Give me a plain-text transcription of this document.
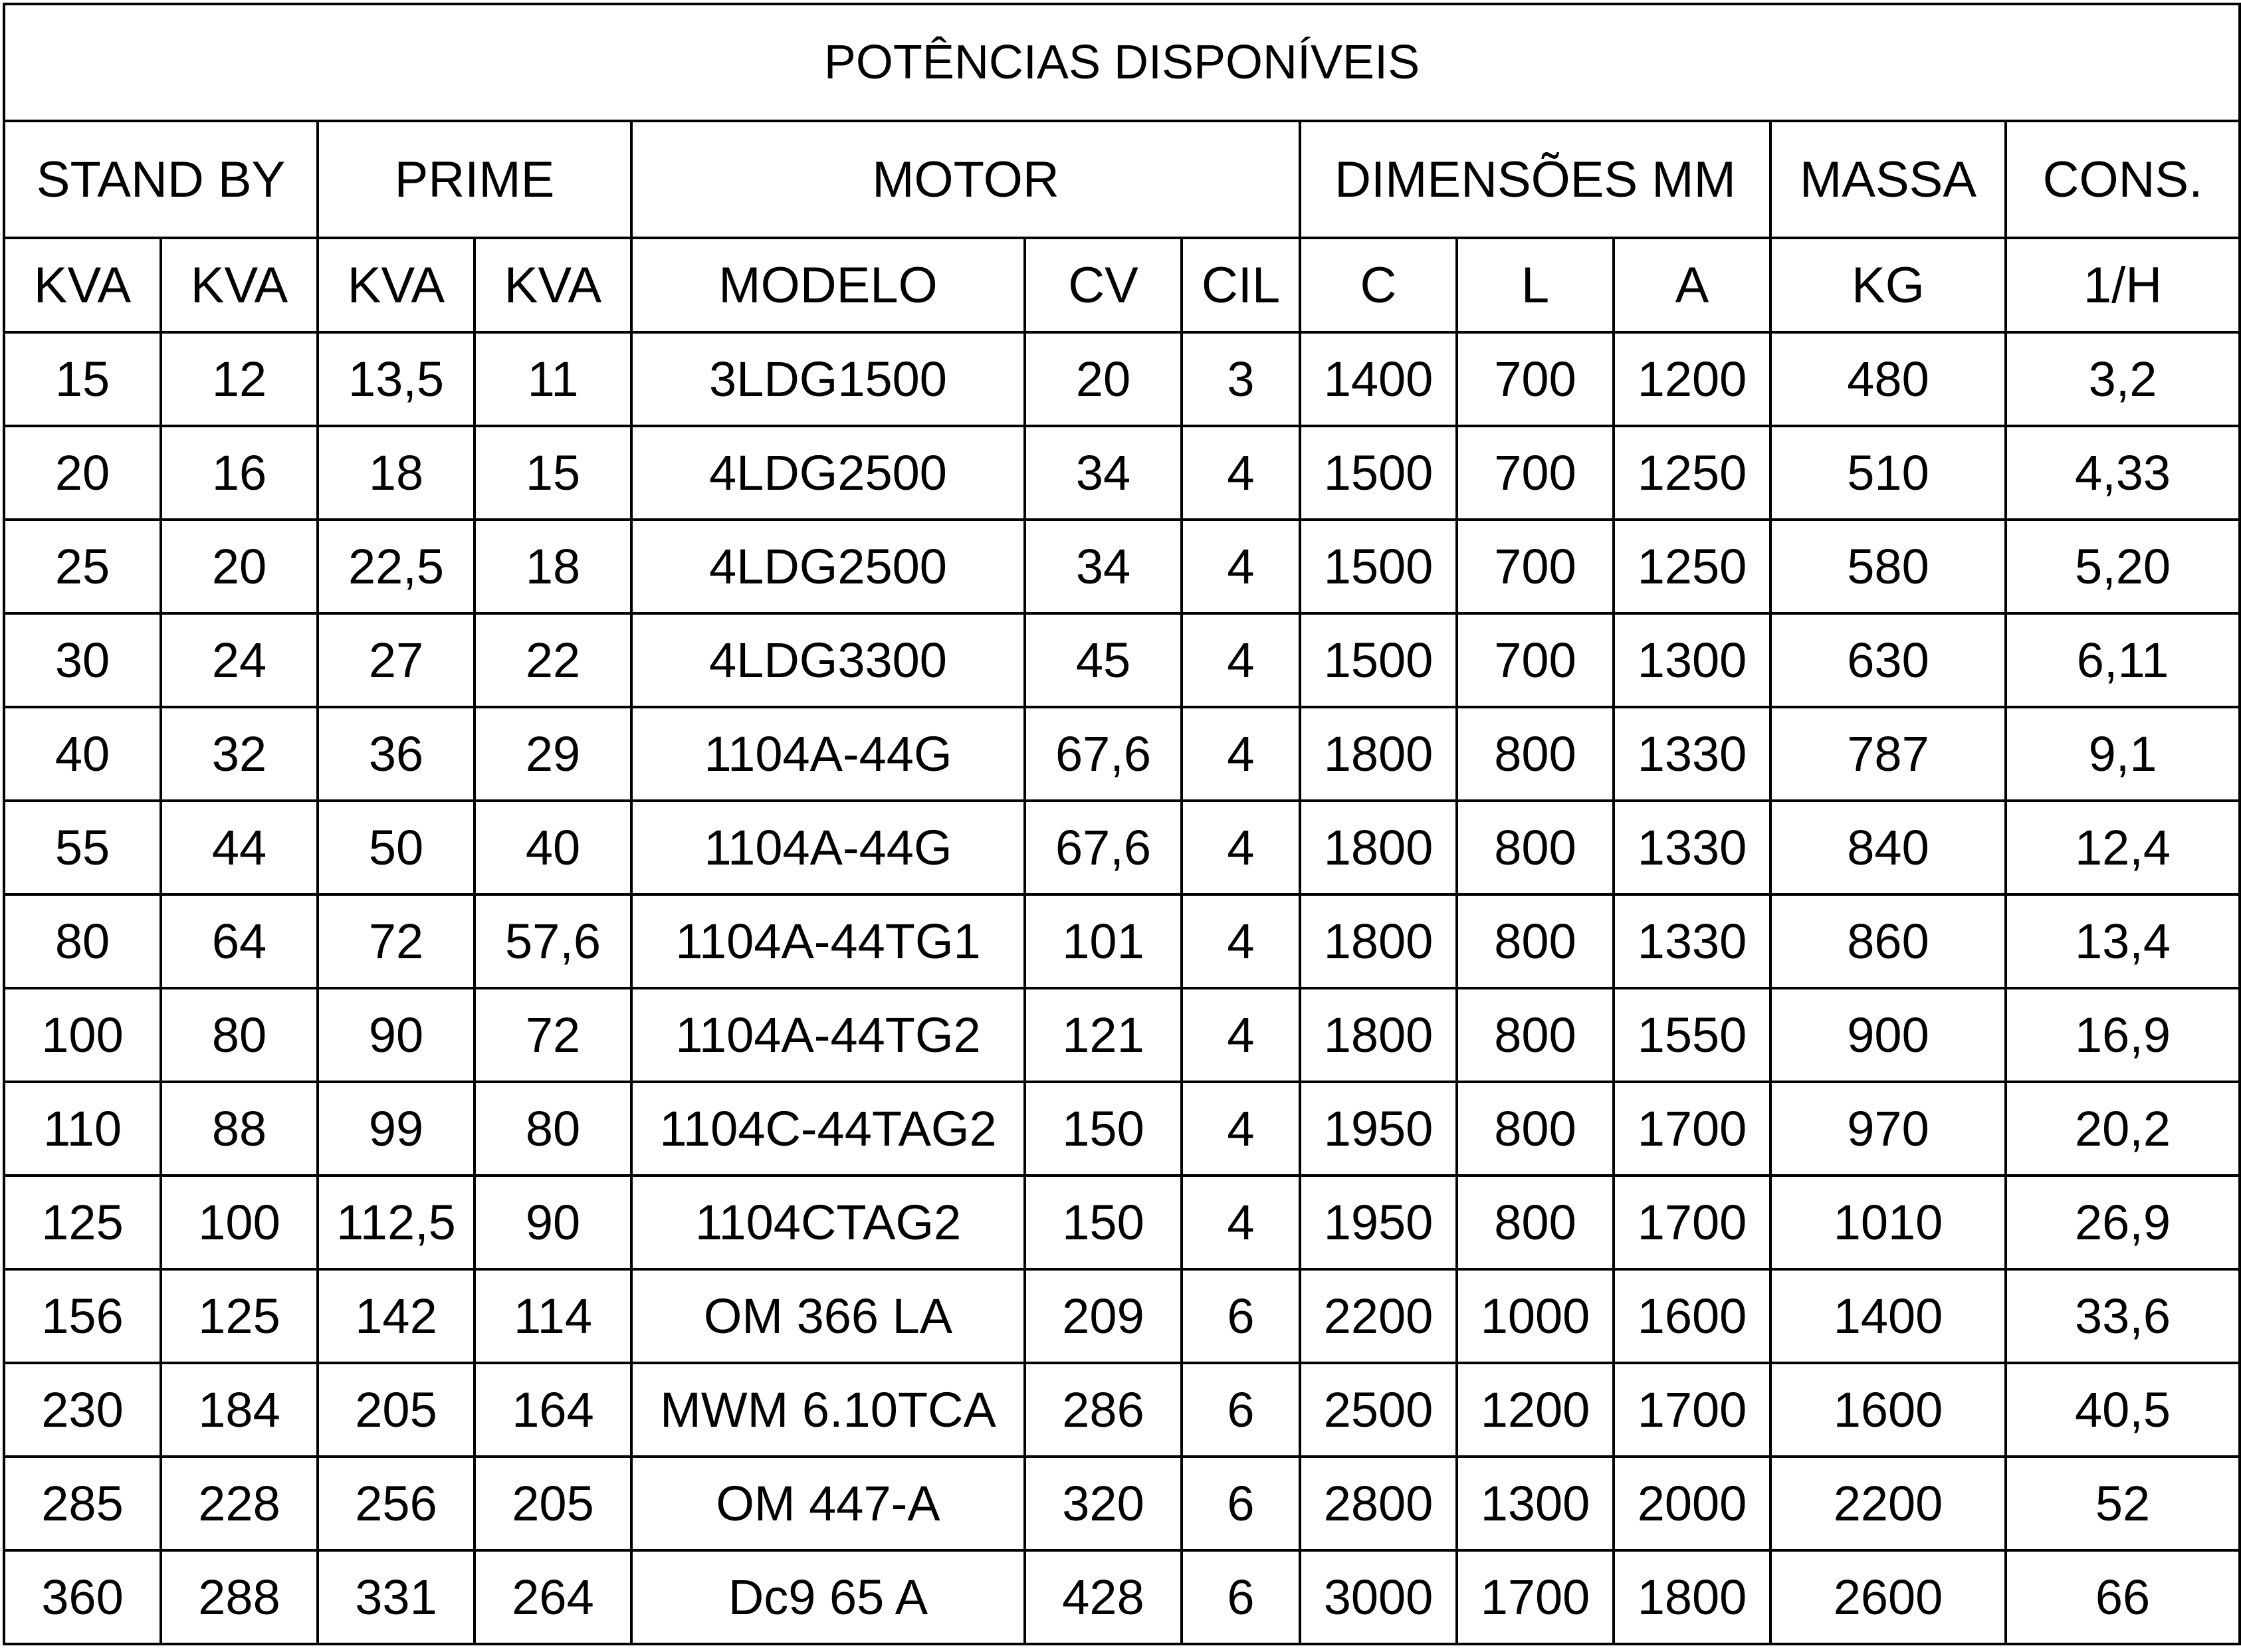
POTÊNCIAS DISPONÍVEIS											
STAND BY		PRIME		MOTOR			DIMENSÕES MM			MASSA	CONS.
KVA	KVA	KVA	KVA	MODELO	CV	CIL	C	L	A	KG	1/H
15	12	13,5	11	3LDG1500	20	3	1400	700	1200	480	3,2
20	16	18	15	4LDG2500	34	4	1500	700	1250	510	4,33
25	20	22,5	18	4LDG2500	34	4	1500	700	1250	580	5,20
30	24	27	22	4LDG3300	45	4	1500	700	1300	630	6,11
40	32	36	29	1104A-44G	67,6	4	1800	800	1330	787	9,1
55	44	50	40	1104A-44G	67,6	4	1800	800	1330	840	12,4
80	64	72	57,6	1104A-44TG1	101	4	1800	800	1330	860	13,4
100	80	90	72	1104A-44TG2	121	4	1800	800	1550	900	16,9
110	88	99	80	1104C-44TAG2	150	4	1950	800	1700	970	20,2
125	100	112,5	90	1104CTAG2	150	4	1950	800	1700	1010	26,9
156	125	142	114	OM 366 LA	209	6	2200	1000	1600	1400	33,6
230	184	205	164	MWM 6.10TCA	286	6	2500	1200	1700	1600	40,5
285	228	256	205	OM 447-A	320	6	2800	1300	2000	2200	52
360	288	331	264	Dc9 65 A	428	6	3000	1700	1800	2600	66
